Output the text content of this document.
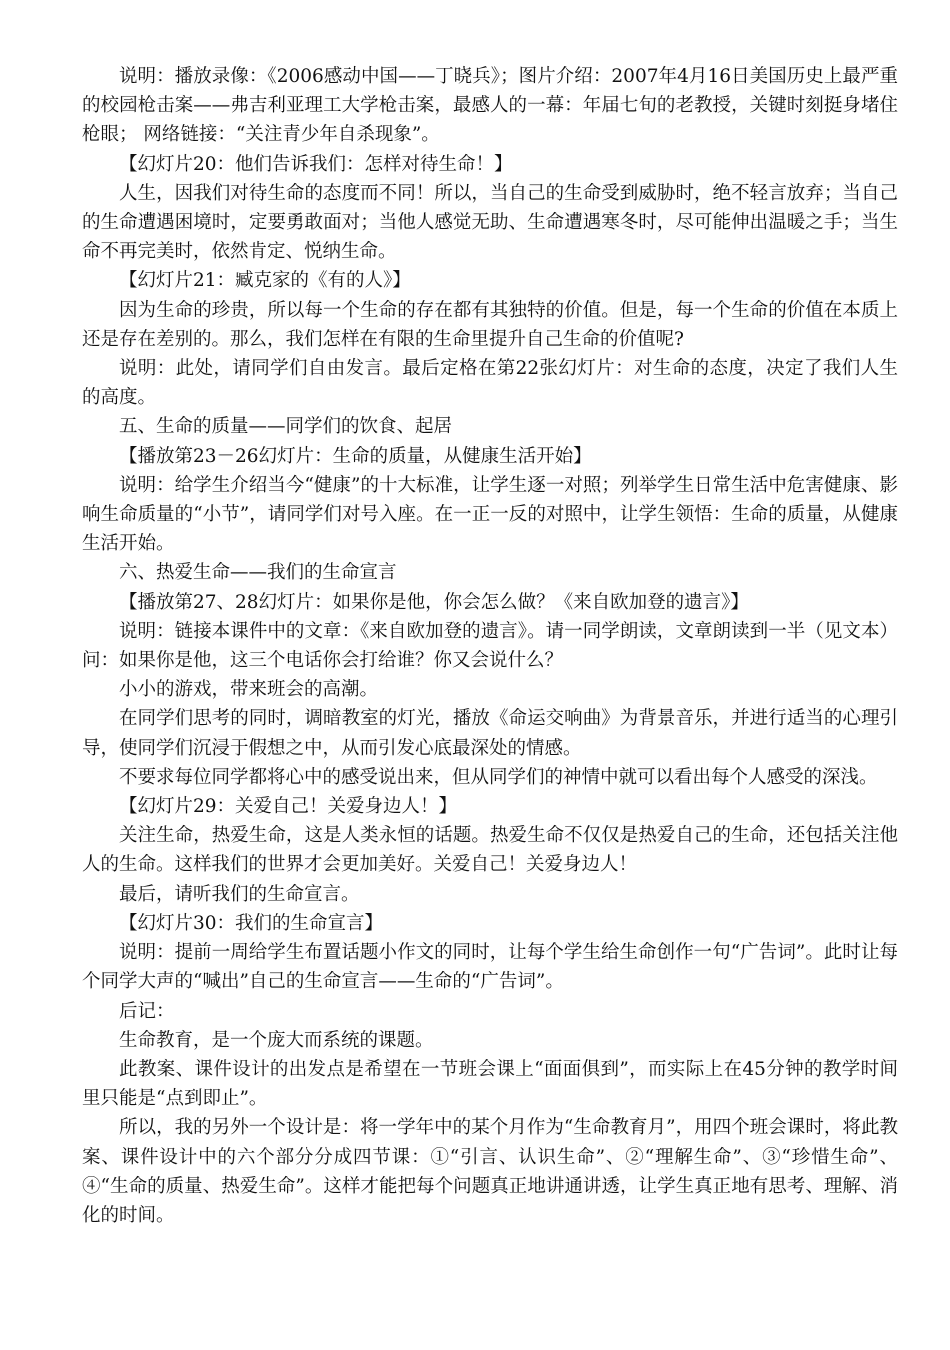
说明：播放录像：《2006感动中国——丁晓兵》；图片介绍：2007年4月16日美国历史上最严重的校园枪击案——弗吉利亚理工大学枪击案，最感人的一幕：年届七旬的老教授，关键时刻挺身堵住枪眼； 网络链接：“关注青少年自杀现象”。

【幻灯片20：他们告诉我们：怎样对待生命！】

人生，因我们对待生命的态度而不同！所以，当自己的生命受到威胁时，绝不轻言放弃；当自己的生命遭遇困境时，定要勇敢面对；当他人感觉无助、生命遭遇寒冬时，尽可能伸出温暖之手；当生命不再完美时，依然肯定、悦纳生命。

【幻灯片21：臧克家的《有的人》】

因为生命的珍贵，所以每一个生命的存在都有其独特的价值。但是，每一个生命的价值在本质上还是存在差别的。那么，我们怎样在有限的生命里提升自己生命的价值呢?

说明：此处，请同学们自由发言。最后定格在第22张幻灯片：对生命的态度，决定了我们人生的高度。

五、生命的质量——同学们的饮食、起居

【播放第23－26幻灯片：生命的质量，从健康生活开始】

说明：给学生介绍当今“健康”的十大标准，让学生逐一对照；列举学生日常生活中危害健康、影响生命质量的“小节”，请同学们对号入座。在一正一反的对照中，让学生领悟：生命的质量，从健康生活开始。

六、热爱生命——我们的生命宣言

【播放第27、28幻灯片：如果你是他，你会怎么做？《来自欧加登的遗言》】

说明：链接本课件中的文章：《来自欧加登的遗言》。请一同学朗读，文章朗读到一半（见文本）问：如果你是他，这三个电话你会打给谁？你又会说什么？

小小的游戏，带来班会的高潮。

在同学们思考的同时，调暗教室的灯光，播放《命运交响曲》为背景音乐，并进行适当的心理引导，使同学们沉浸于假想之中，从而引发心底最深处的情感。

不要求每位同学都将心中的感受说出来，但从同学们的神情中就可以看出每个人感受的深浅。

【幻灯片29：关爱自己！关爱身边人！】

关注生命，热爱生命，这是人类永恒的话题。热爱生命不仅仅是热爱自己的生命，还包括关注他人的生命。这样我们的世界才会更加美好。关爱自己！关爱身边人！

最后，请听我们的生命宣言。

【幻灯片30：我们的生命宣言】

说明：提前一周给学生布置话题小作文的同时，让每个学生给生命创作一句“广告词”。此时让每个同学大声的“喊出”自己的生命宣言——生命的“广告词”。

后记：

生命教育，是一个庞大而系统的课题。

此教案、课件设计的出发点是希望在一节班会课上“面面俱到”，而实际上在45分钟的教学时间里只能是“点到即止”。

所以，我的另外一个设计是：将一学年中的某个月作为“生命教育月”，用四个班会课时，将此教案、课件设计中的六个部分分成四节课：①“引言、认识生命”、②“理解生命”、③“珍惜生命”、④“生命的质量、热爱生命”。这样才能把每个问题真正地讲通讲透，让学生真正地有思考、理解、消化的时间。
